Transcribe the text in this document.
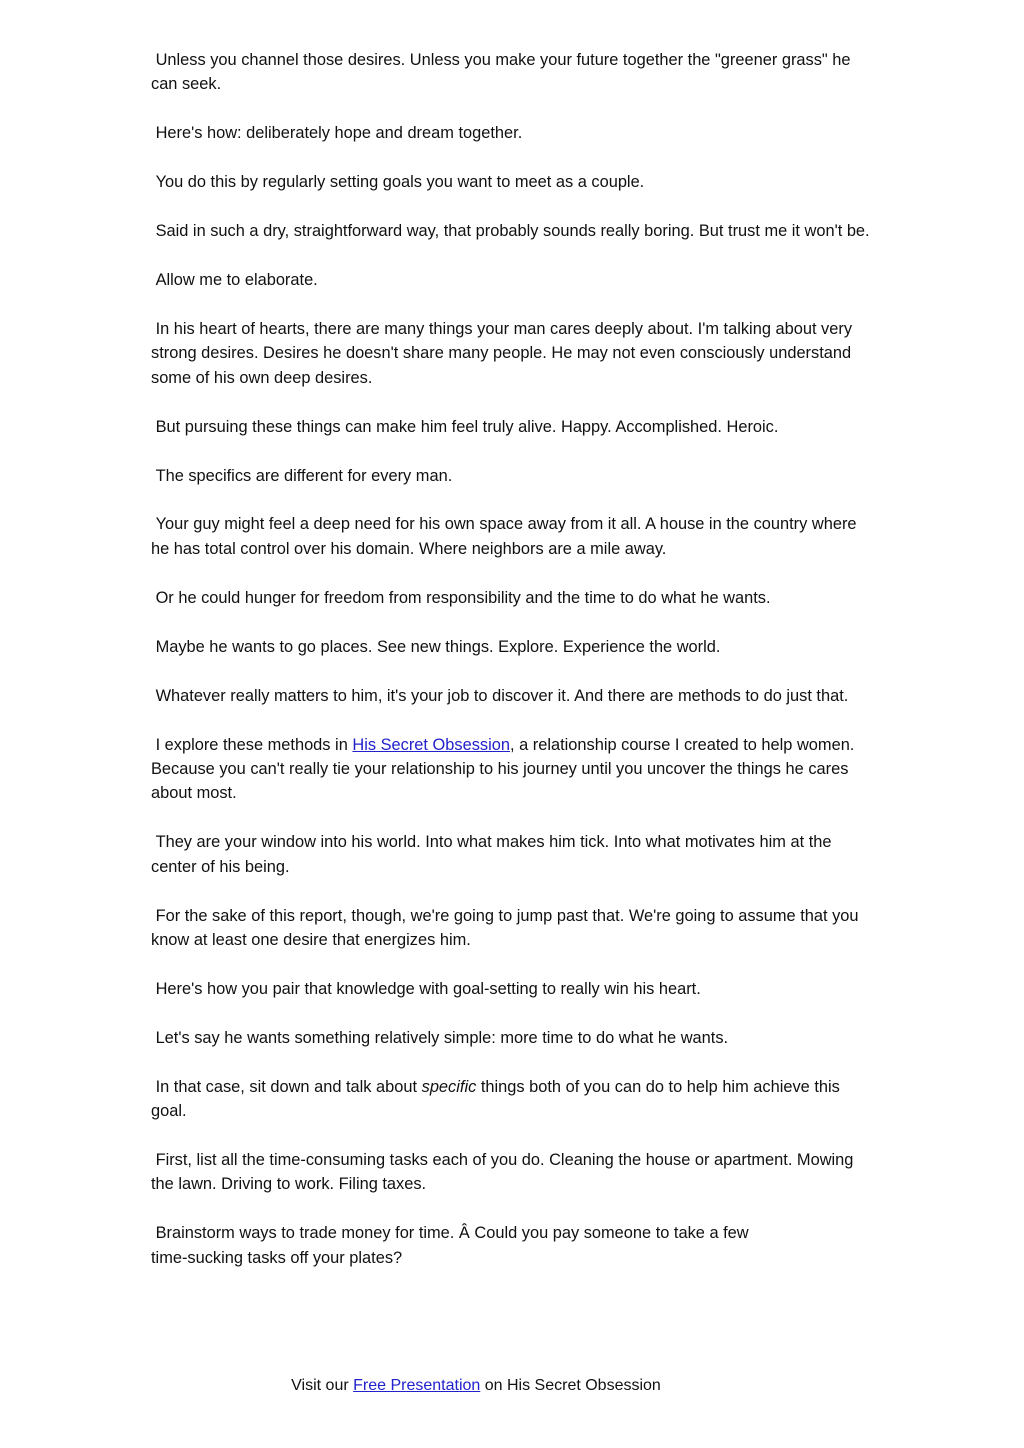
Unless you channel those desires. Unless you make your future together the "greener grass" he can seek.

Here's how: deliberately hope and dream together.

You do this by regularly setting goals you want to meet as a couple.

Said in such a dry, straightforward way, that probably sounds really boring. But trust me it won't be.

Allow me to elaborate.

In his heart of hearts, there are many things your man cares deeply about. I'm talking about very strong desires. Desires he doesn't share many people. He may not even consciously understand some of his own deep desires.

But pursuing these things can make him feel truly alive. Happy. Accomplished. Heroic.

The specifics are different for every man.

Your guy might feel a deep need for his own space away from it all. A house in the country where he has total control over his domain. Where neighbors are a mile away.

Or he could hunger for freedom from responsibility and the time to do what he wants.

Maybe he wants to go places. See new things. Explore. Experience the world.

Whatever really matters to him, it's your job to discover it. And there are methods to do just that.

I explore these methods in His Secret Obsession, a relationship course I created to help women. Because you can't really tie your relationship to his journey until you uncover the things he cares about most.

They are your window into his world. Into what makes him tick. Into what motivates him at the center of his being.

For the sake of this report, though, we're going to jump past that. We're going to assume that you know at least one desire that energizes him.

Here's how you pair that knowledge with goal-setting to really win his heart.

Let's say he wants something relatively simple: more time to do what he wants.

In that case, sit down and talk about specific things both of you can do to help him achieve this goal.

First, list all the time-consuming tasks each of you do. Cleaning the house or apartment. Mowing the lawn. Driving to work. Filing taxes.

Brainstorm ways to trade money for time. Â Could you pay someone to take a few
time-sucking tasks off your plates?

Visit our Free Presentation on His Secret Obsession
